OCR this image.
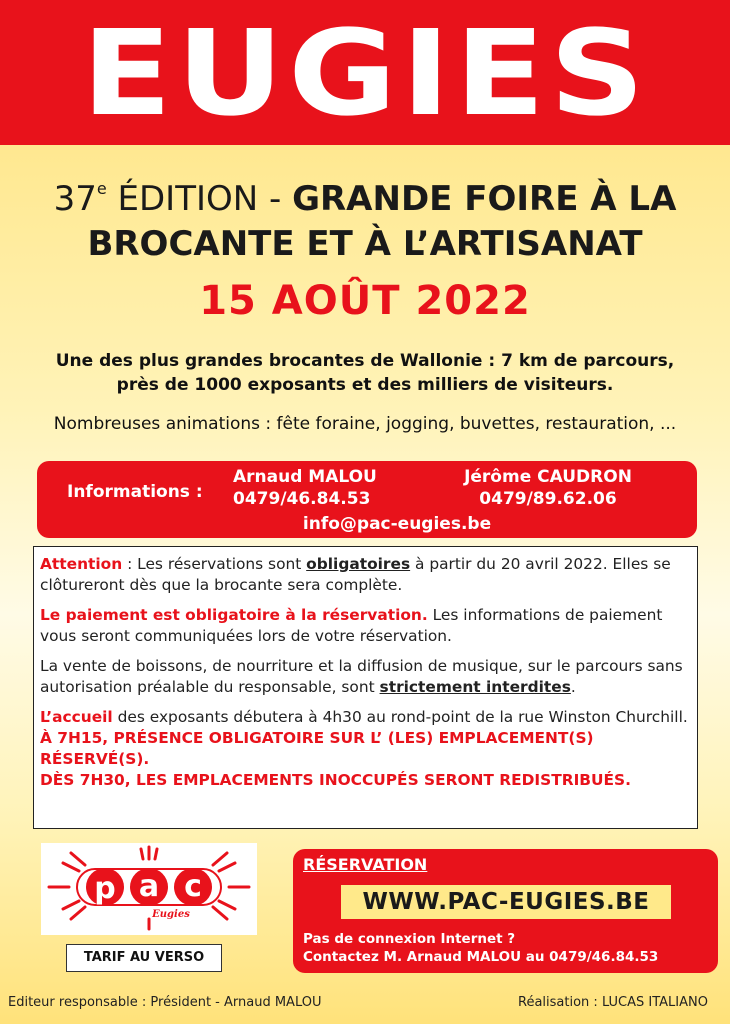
EUGIES
37e ÉDITION - GRANDE FOIRE À LA
BROCANTE ET À L’ARTISANAT
15 AOÛT 2022
Une des plus grandes brocantes de Wallonie : 7 km de parcours,
près de 1000 exposants et des milliers de visiteurs.
Nombreuses animations : fête foraine, jogging, buvettes, restauration, ...
Informations :
Arnaud MALOU
0479/46.84.53
Jérôme CAUDRON
0479/89.62.06
info@pac-eugies.be

Attention : Les réservations sont obligatoires à partir du 20 avril 2022. Elles se clôtureront dès que la brocante sera complète.

Le paiement est obligatoire à la réservation. Les informations de paiement vous seront communiquées lors de votre réservation.

La vente de boissons, de nourriture et la diffusion de musique, sur le parcours sans autorisation préalable du responsable, sont strictement interdites.

L’accueil des exposants débutera à 4h30 au rond-point de la rue Winston Churchill.

À 7H15, PRÉSENCE OBLIGATOIRE SUR L’ (LES) EMPLACEMENT(S) RÉSERVÉ(S).

DÈS 7H30, LES EMPLACEMENTS INOCCUPÉS SERONT REDISTRIBUÉS.

p a c
Eugies
TARIF AU VERSO
RÉSERVATION
WWW.PAC-EUGIES.BE
Pas de connexion Internet ?
Contactez M. Arnaud MALOU au 0479/46.84.53
Editeur responsable : Président - Arnaud MALOU	Réalisation : LUCAS ITALIANO
